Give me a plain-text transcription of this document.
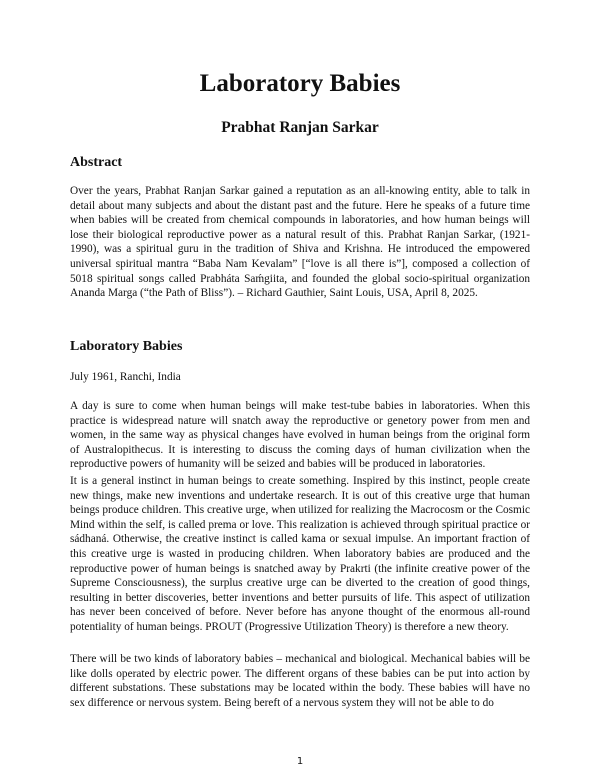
Laboratory Babies
Prabhat Ranjan Sarkar
Abstract

Over the years, Prabhat Ranjan Sarkar gained a reputation as an all-knowing entity, able to talk in detail about many subjects and about the distant past and the future. Here he speaks of a future time when babies will be created from chemical compounds in laboratories, and how human beings will lose their biological reproductive power as a natural result of this. Prabhat Ranjan Sarkar, (1921-1990), was a spiritual guru in the tradition of Shiva and Krishna. He introduced the empowered universal spiritual mantra “Baba Nam Kevalam” [“love is all there is”], composed a collection of 5018 spiritual songs called Prabháta Saḿgiita, and founded the global socio-spiritual organization Ananda Marga (“the Path of Bliss”). – Richard Gauthier, Saint Louis, USA, April 8, 2025.

Laboratory Babies

July 1961, Ranchi, India

A day is sure to come when human beings will make test-tube babies in laboratories. When this practice is widespread nature will snatch away the reproductive or genetory power from men and women, in the same way as physical changes have evolved in human beings from the original form of Australopithecus. It is interesting to discuss the coming days of human civilization when the reproductive powers of humanity will be seized and babies will be produced in laboratories.

It is a general instinct in human beings to create something. Inspired by this instinct, people create new things, make new inventions and undertake research. It is out of this creative urge that human beings produce children. This creative urge, when utilized for realizing the Macrocosm or the Cosmic Mind within the self, is called prema or love. This realization is achieved through spiritual practice or sádhaná. Otherwise, the creative instinct is called kama or sexual impulse. An important fraction of this creative urge is wasted in producing children. When laboratory babies are produced and the reproductive power of human beings is snatched away by Prakrti (the infinite creative power of the Supreme Consciousness), the surplus creative urge can be diverted to the creation of good things, resulting in better discoveries, better inventions and better pursuits of life. This aspect of utilization has never been conceived of before. Never before has anyone thought of the enormous all-round potentiality of human beings. PROUT (Progressive Utilization Theory) is therefore a new theory.

There will be two kinds of laboratory babies – mechanical and biological. Mechanical babies will be like dolls operated by electric power. The different organs of these babies can be put into action by different substations. These substations may be located within the body. These babies will have no sex difference or nervous system. Being bereft of a nervous system they will not be able to do

1
